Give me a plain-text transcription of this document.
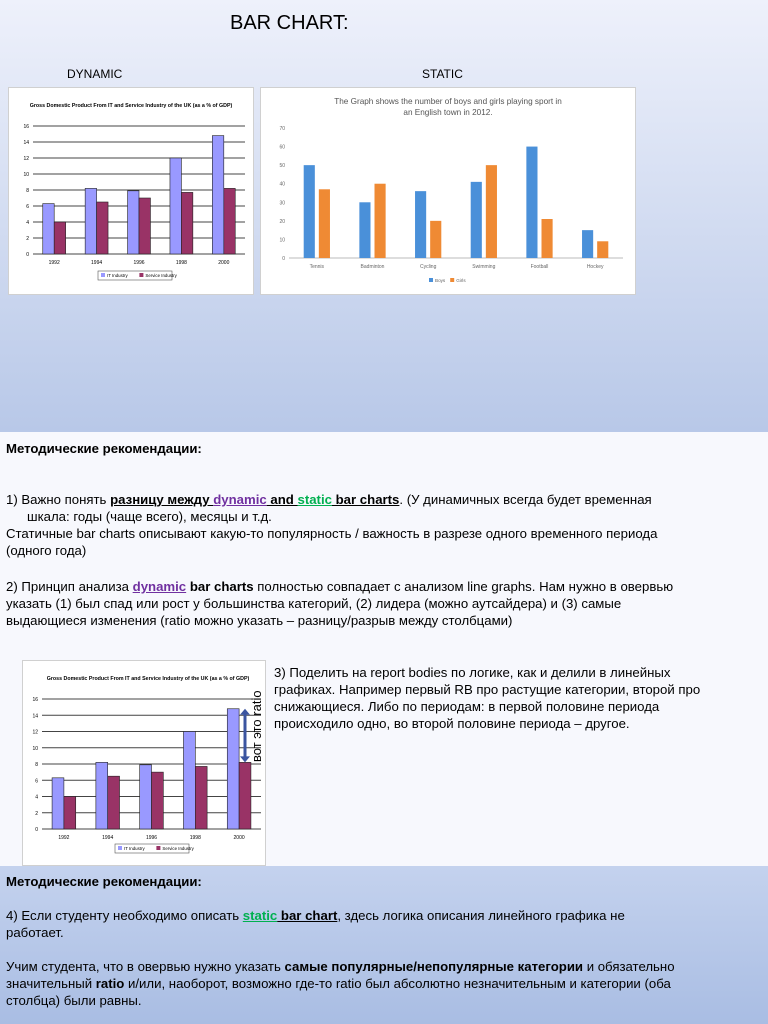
BAR CHART:
DYNAMIC	STATIC
Gross Domestic Product From IT and Service Industry of the UK (as a % of GDP)
0
2
4
6
8
10
12
14
16
1992	1994	1996	1998	2000
IT Industry	Service Industry
The Graph shows the number of boys and girls playing sport in
an English town in 2012.
0
10
20
30
40
50
60
70
Tennis	Badminton	Cycling	Swimming	Football	Hockey
Boys Girls

Методические рекомендации:

1) Важно понять разницу между dynamic and static bar charts. (У динамичных всегда будет временная

шкала: годы (чаще всего), месяцы и т.д.

Статичные bar charts описывают какую-то популярность / важность в разрезе одного временного периода

(одного года)

2) Принцип анализа dynamic bar charts полностью совпадает с анализом line graphs. Нам нужно в овервью

указать (1) был спад или рост у большинства категорий, (2) лидера (можно аутсайдера) и (3) самые

выдающиеся изменения (ratio можно указать – разницу/разрыв между столбцами)

Gross Domestic Product From IT and Service Industry of the UK (as a % of GDP)
0
2
4
6
8
10
12
14
16
1992	1994	1996	1998	2000
IT Industry	Service Industry
вот это ratio

3) Поделить на report bodies по логике, как и делили в линейных

графиках. Например первый RB про растущие категории, второй про

снижающиеся. Либо по периодам: в первой половине периода

происходило одно, во второй половине периода – другое.

Методические рекомендации:

4) Если студенту необходимо описать static bar chart, здесь логика описания линейного графика не

работает.

Учим студента, что в овервью нужно указать самые популярные/непопулярные категории и обязательно

значительный ratio и/или, наоборот, возможно где-то ratio был абсолютно незначительным и категории (оба

столбца) были равны.
